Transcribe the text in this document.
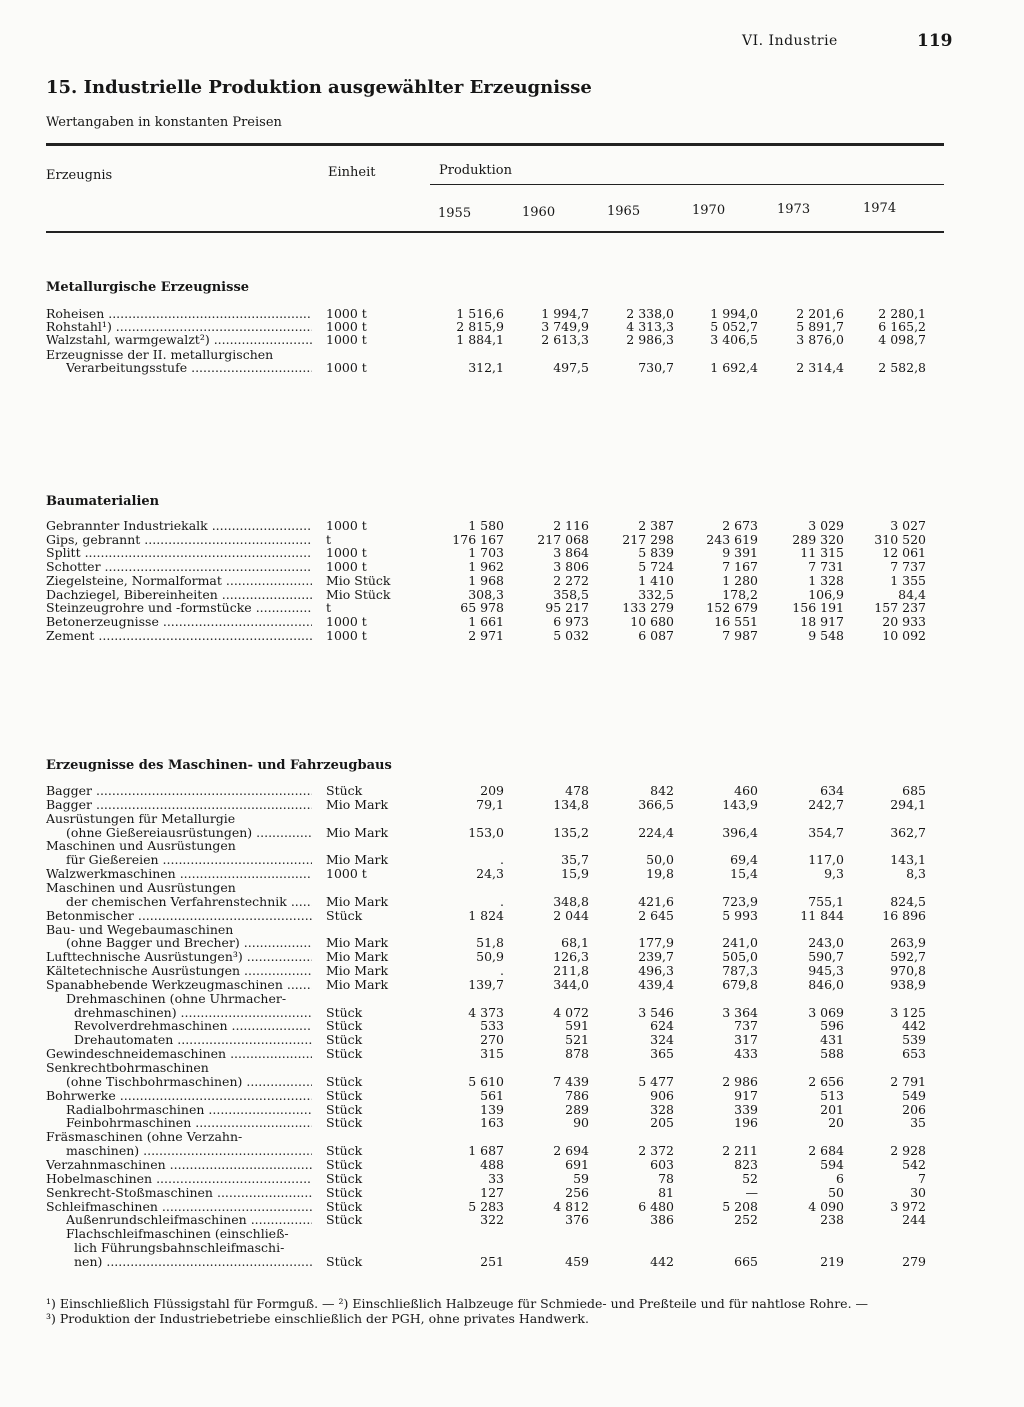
VI. Industrie	119
15. Industrielle Produktion ausgewählter Erzeugnisse
Wertangaben in konstanten Preisen
Erzeugnis	Einheit	Produktion
1955	1960	1965	1970	1973	1974
Metallurgische Erzeugnisse
Roheisen .....	1000 t	1 516,6	1 994,7	2 338,0	1 994,0	2 201,6	2 280,1
Rohstahl¹) .....	1000 t	2 815,9	3 749,9	4 313,3	5 052,7	5 891,7	6 165,2
Walzstahl, warmgewalzt²) .....	1000 t	1 884,1	2 613,3	2 986,3	3 406,5	3 876,0	4 098,7
Erzeugnisse der II. metallurgischen
Verarbeitungsstufe .....	1000 t	312,1	497,5	730,7	1 692,4	2 314,4	2 582,8
Baumaterialien
Gebrannter Industriekalk .....	1000 t	1 580	2 116	2 387	2 673	3 029	3 027
Gips, gebrannt .....	t	176 167	217 068	217 298	243 619	289 320	310 520
Splitt .....	1000 t	1 703	3 864	5 839	9 391	11 315	12 061
Schotter .....	1000 t	1 962	3 806	5 724	7 167	7 731	7 737
Ziegelsteine, Normalformat .....	Mio Stück	1 968	2 272	1 410	1 280	1 328	1 355
Dachziegel, Bibereinheiten .....	Mio Stück	308,3	358,5	332,5	178,2	106,9	84,4
Steinzeugrohre und -formstücke .....	t	65 978	95 217	133 279	152 679	156 191	157 237
Betonerzeugnisse .....	1000 t	1 661	6 973	10 680	16 551	18 917	20 933
Zement .....	1000 t	2 971	5 032	6 087	7 987	9 548	10 092
Erzeugnisse des Maschinen- und Fahrzeugbaus
Bagger .....	Stück	209	478	842	460	634	685
Bagger .....	Mio Mark	79,1	134,8	366,5	143,9	242,7	294,1
Ausrüstungen für Metallurgie
(ohne Gießereiausrüstungen) .....	Mio Mark	153,0	135,2	224,4	396,4	354,7	362,7
Maschinen und Ausrüstungen
für Gießereien .....	Mio Mark	.	35,7	50,0	69,4	117,0	143,1
Walzwerkmaschinen .....	1000 t	24,3	15,9	19,8	15,4	9,3	8,3
Maschinen und Ausrüstungen
der chemischen Verfahrenstechnik .....	Mio Mark	.	348,8	421,6	723,9	755,1	824,5
Betonmischer .....	Stück	1 824	2 044	2 645	5 993	11 844	16 896
Bau- und Wegebaumaschinen
(ohne Bagger und Brecher) .....	Mio Mark	51,8	68,1	177,9	241,0	243,0	263,9
Lufttechnische Ausrüstungen³) .....	Mio Mark	50,9	126,3	239,7	505,0	590,7	592,7
Kältetechnische Ausrüstungen .....	Mio Mark	.	211,8	496,3	787,3	945,3	970,8
Spanabhebende Werkzeugmaschinen .....	Mio Mark	139,7	344,0	439,4	679,8	846,0	938,9
Drehmaschinen (ohne Uhrmacher-
drehmaschinen) .....	Stück	4 373	4 072	3 546	3 364	3 069	3 125
Revolverdrehmaschinen .....	Stück	533	591	624	737	596	442
Drehautomaten .....	Stück	270	521	324	317	431	539
Gewindeschneidemaschinen .....	Stück	315	878	365	433	588	653
Senkrechtbohrmaschinen
(ohne Tischbohrmaschinen) .....	Stück	5 610	7 439	5 477	2 986	2 656	2 791
Bohrwerke .....	Stück	561	786	906	917	513	549
Radialbohrmaschinen .....	Stück	139	289	328	339	201	206
Feinbohrmaschinen .....	Stück	163	90	205	196	20	35
Fräsmaschinen (ohne Verzahn-
maschinen) .....	Stück	1 687	2 694	2 372	2 211	2 684	2 928
Verzahnmaschinen .....	Stück	488	691	603	823	594	542
Hobelmaschinen .....	Stück	33	59	78	52	6	7
Senkrecht-Stoßmaschinen .....	Stück	127	256	81	—	50	30
Schleifmaschinen .....	Stück	5 283	4 812	6 480	5 208	4 090	3 972
Außenrundschleifmaschinen .....	Stück	322	376	386	252	238	244
Flachschleifmaschinen (einschließ-
lich Führungsbahnschleifmaschi-
nen) .....	Stück	251	459	442	665	219	279
¹) Einschließlich Flüssigstahl für Formguß. — ²) Einschließlich Halbzeuge für Schmiede- und Preßteile und für nahtlose Rohre. —
³) Produktion der Industriebetriebe einschließlich der PGH, ohne privates Handwerk.
